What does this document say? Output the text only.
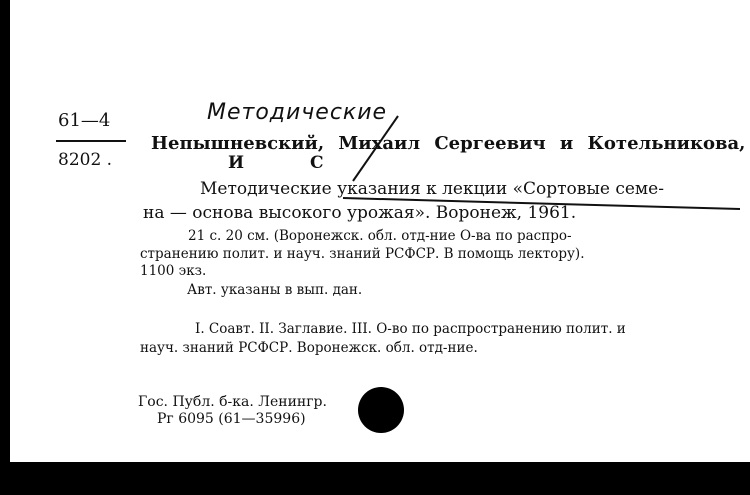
61—4
8202 .
Методические
Непышневский, Михаил Сергеевич и Котельникова,
И С
Методические указания к лекции «Сортовые семе-
на — основа высокого урожая». Воронеж, 1961.
21 с. 20 см. (Воронежск. обл. отд-ние О-ва по распро-
странению полит. и науч. знаний РСФСР. В помощь лектору).
1100 экз.
Авт. указаны в вып. дан.
I. Соавт. II. Заглавие. III. О-во по распространению полит. и
науч. знаний РСФСР. Воронежск. обл. отд-ние.
Гос. Публ. б-ка. Ленингр.
Рг 6095 (61—35996)
